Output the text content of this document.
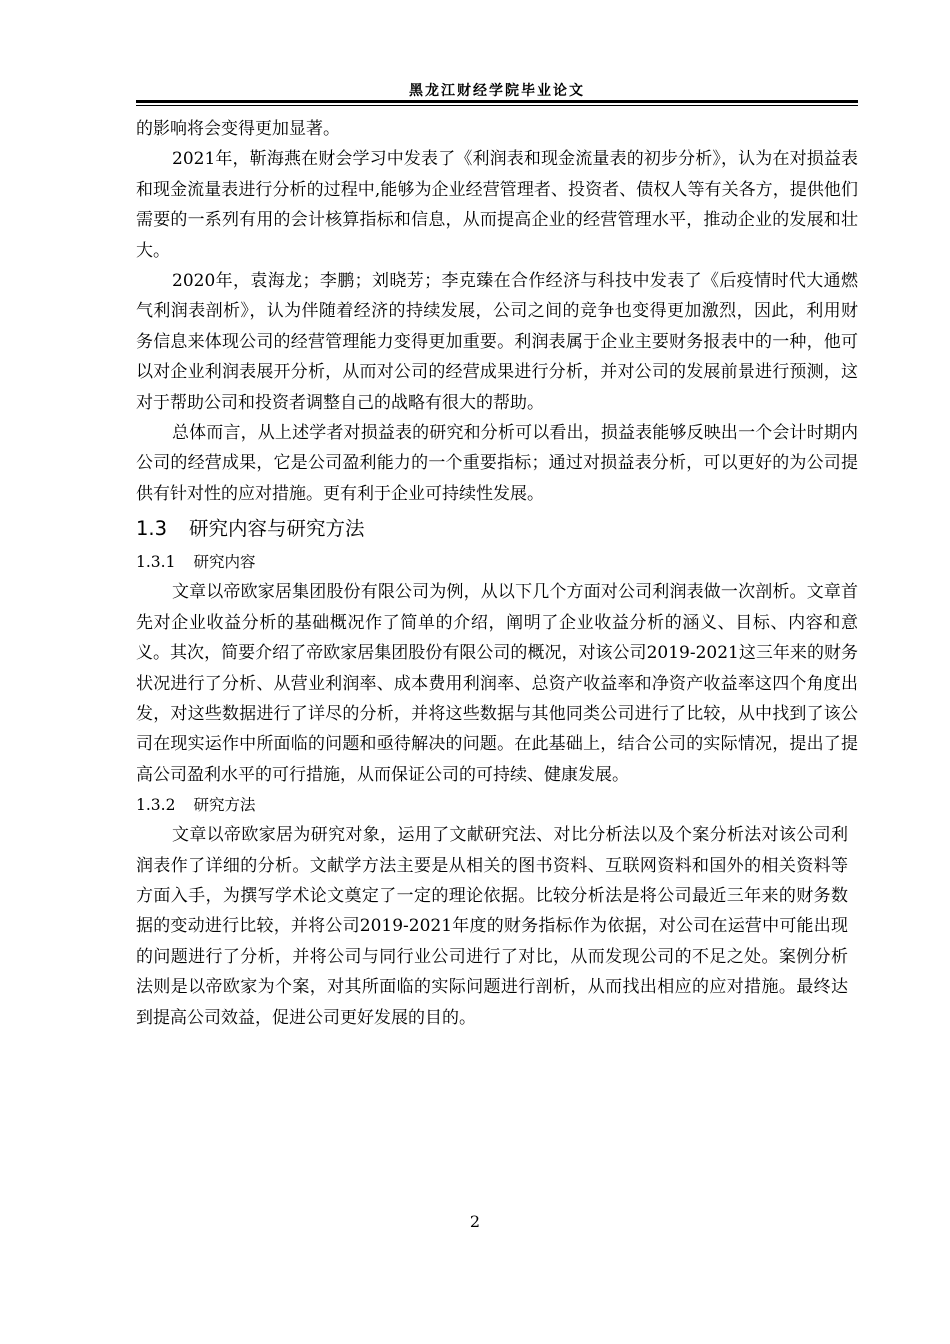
黑龙江财经学院毕业论文

的影响将会变得更加显著。

2021年，靳海燕在财会学习中发表了《利润表和现金流量表的初步分析》，认为在对损益表和现金流量表进行分析的过程中,能够为企业经营管理者、投资者、债权人等有关各方，提供他们需要的一系列有用的会计核算指标和信息，从而提高企业的经营管理水平，推动企业的发展和壮大。

2020年，袁海龙；李鹏；刘晓芳；李克臻在合作经济与科技中发表了《后疫情时代大通燃气利润表剖析》，认为伴随着经济的持续发展，公司之间的竞争也变得更加激烈，因此，利用财务信息来体现公司的经营管理能力变得更加重要。利润表属于企业主要财务报表中的一种，他可以对企业利润表展开分析，从而对公司的经营成果进行分析，并对公司的发展前景进行预测，这对于帮助公司和投资者调整自己的战略有很大的帮助。

总体而言，从上述学者对损益表的研究和分析可以看出，损益表能够反映出一个会计时期内公司的经营成果，它是公司盈利能力的一个重要指标；通过对损益表分析，可以更好的为公司提供有针对性的应对措施。更有利于企业可持续性发展。

1.3 研究内容与研究方法
1.3.1 研究内容

文章以帝欧家居集团股份有限公司为例，从以下几个方面对公司利润表做一次剖析。文章首先对企业收益分析的基础概况作了简单的介绍，阐明了企业收益分析的涵义、目标、内容和意义。其次，简要介绍了帝欧家居集团股份有限公司的概况，对该公司2019-2021这三年来的财务状况进行了分析、从营业利润率、成本费用利润率、总资产收益率和净资产收益率这四个角度出发，对这些数据进行了详尽的分析，并将这些数据与其他同类公司进行了比较，从中找到了该公司在现实运作中所面临的问题和亟待解决的问题。在此基础上，结合公司的实际情况，提出了提高公司盈利水平的可行措施，从而保证公司的可持续、健康发展。

1.3.2 研究方法

文章以帝欧家居为研究对象，运用了文献研究法、对比分析法以及个案分析法对该公司利润表作了详细的分析。文献学方法主要是从相关的图书资料、互联网资料和国外的相关资料等方面入手，为撰写学术论文奠定了一定的理论依据。比较分析法是将公司最近三年来的财务数据的变动进行比较，并将公司2019-2021年度的财务指标作为依据，对公司在运营中可能出现的问题进行了分析，并将公司与同行业公司进行了对比，从而发现公司的不足之处。案例分析法则是以帝欧家为个案，对其所面临的实际问题进行剖析，从而找出相应的应对措施。最终达到提高公司效益，促进公司更好发展的目的。

2
